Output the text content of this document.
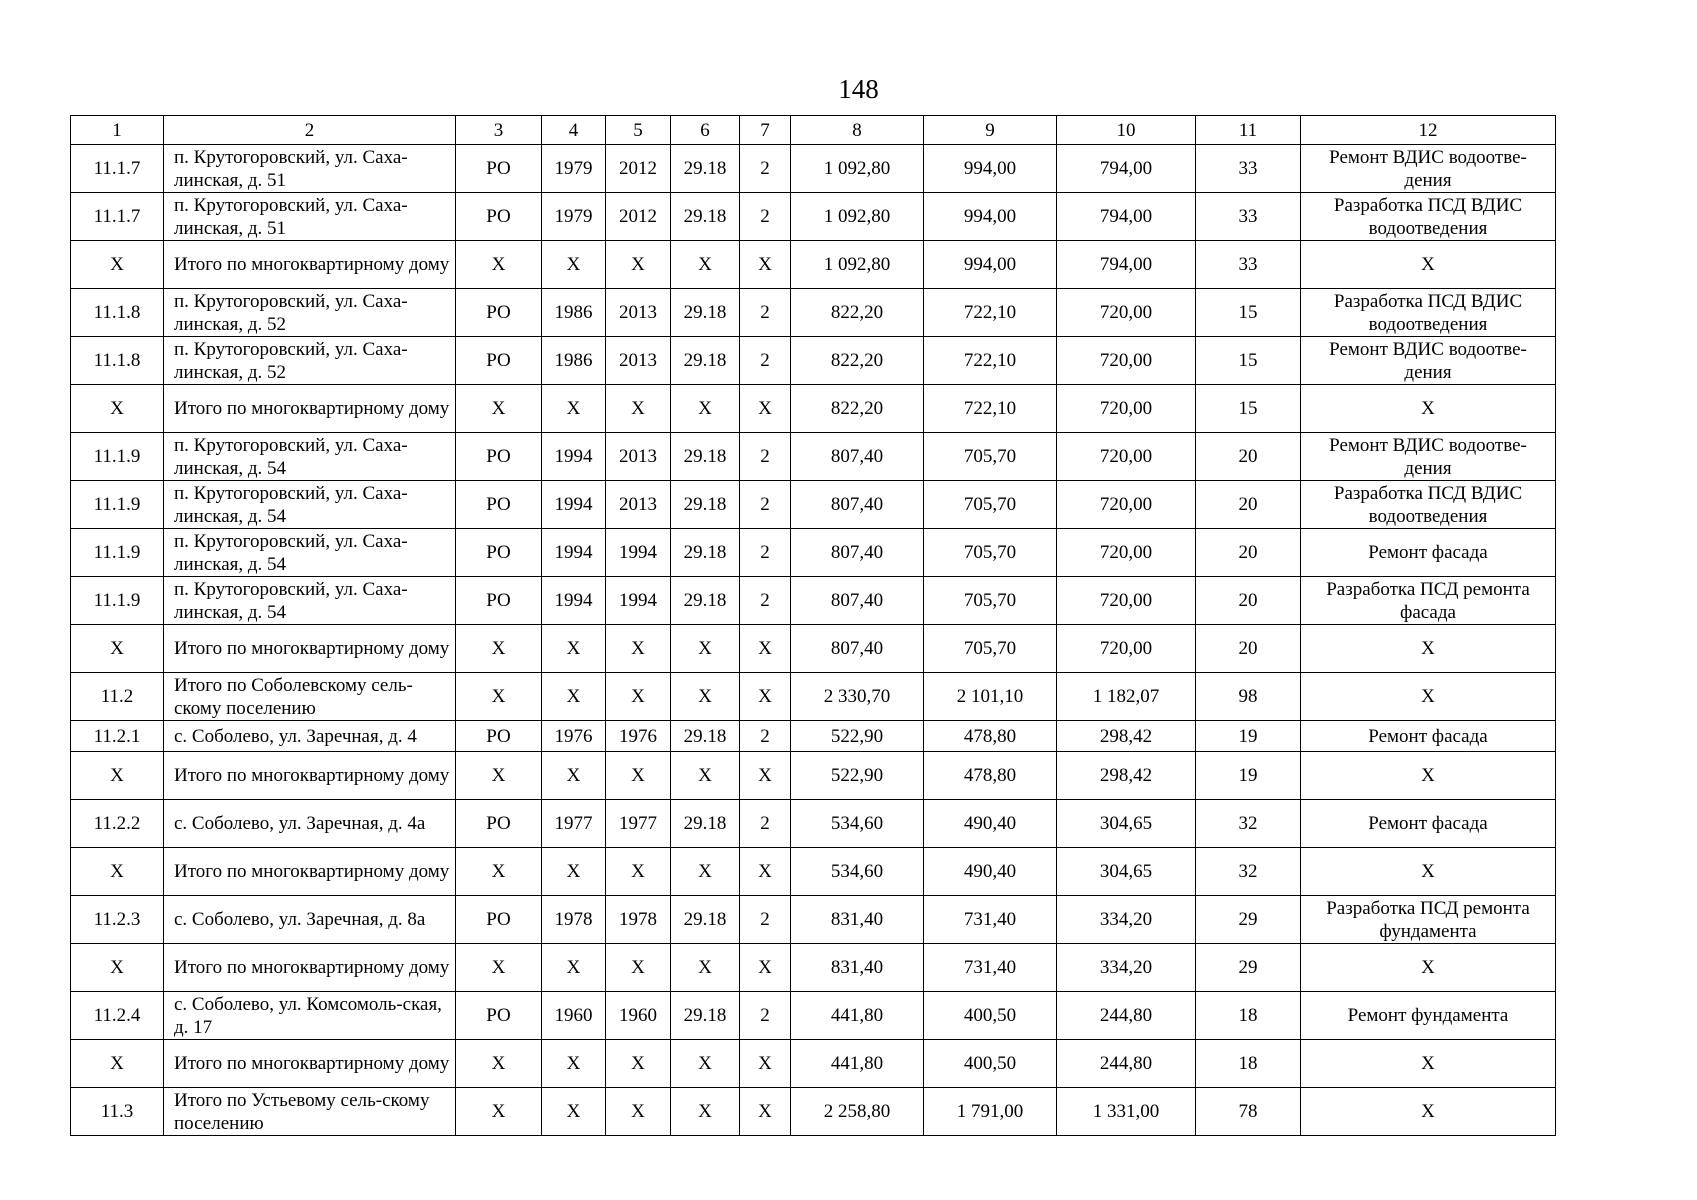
148
1	2	3	4	5	6	7	8	9	10	11	12
11.1.7	п. Крутогоровский, ул. Саха-линская, д. 51	РО	1979	2012	29.18	2	1 092,80	994,00	794,00	33	Ремонт ВДИС водоотве-дения
11.1.7	п. Крутогоровский, ул. Саха-линская, д. 51	РО	1979	2012	29.18	2	1 092,80	994,00	794,00	33	Разработка ПСД ВДИС водоотведения
Х	Итого по многоквартирному дому	Х	Х	Х	Х	Х	1 092,80	994,00	794,00	33	Х
11.1.8	п. Крутогоровский, ул. Саха-линская, д. 52	РО	1986	2013	29.18	2	822,20	722,10	720,00	15	Разработка ПСД ВДИС водоотведения
11.1.8	п. Крутогоровский, ул. Саха-линская, д. 52	РО	1986	2013	29.18	2	822,20	722,10	720,00	15	Ремонт ВДИС водоотве-дения
Х	Итого по многоквартирному дому	Х	Х	Х	Х	Х	822,20	722,10	720,00	15	Х
11.1.9	п. Крутогоровский, ул. Саха-линская, д. 54	РО	1994	2013	29.18	2	807,40	705,70	720,00	20	Ремонт ВДИС водоотве-дения
11.1.9	п. Крутогоровский, ул. Саха-линская, д. 54	РО	1994	2013	29.18	2	807,40	705,70	720,00	20	Разработка ПСД ВДИС водоотведения
11.1.9	п. Крутогоровский, ул. Саха-линская, д. 54	РО	1994	1994	29.18	2	807,40	705,70	720,00	20	Ремонт фасада
11.1.9	п. Крутогоровский, ул. Саха-линская, д. 54	РО	1994	1994	29.18	2	807,40	705,70	720,00	20	Разработка ПСД ремонта фасада
Х	Итого по многоквартирному дому	Х	Х	Х	Х	Х	807,40	705,70	720,00	20	Х
11.2	Итого по Соболевскому сель-скому поселению	Х	Х	Х	Х	Х	2 330,70	2 101,10	1 182,07	98	Х
11.2.1	с. Соболево, ул. Заречная, д. 4	РО	1976	1976	29.18	2	522,90	478,80	298,42	19	Ремонт фасада
Х	Итого по многоквартирному дому	Х	Х	Х	Х	Х	522,90	478,80	298,42	19	Х
11.2.2	с. Соболево, ул. Заречная, д. 4а	РО	1977	1977	29.18	2	534,60	490,40	304,65	32	Ремонт фасада
Х	Итого по многоквартирному дому	Х	Х	Х	Х	Х	534,60	490,40	304,65	32	Х
11.2.3	с. Соболево, ул. Заречная, д. 8а	РО	1978	1978	29.18	2	831,40	731,40	334,20	29	Разработка ПСД ремонта фундамента
Х	Итого по многоквартирному дому	Х	Х	Х	Х	Х	831,40	731,40	334,20	29	Х
11.2.4	с. Соболево, ул. Комсомоль-ская, д. 17	РО	1960	1960	29.18	2	441,80	400,50	244,80	18	Ремонт фундамента
Х	Итого по многоквартирному дому	Х	Х	Х	Х	Х	441,80	400,50	244,80	18	Х
11.3	Итого по Устьевому сель-скому поселению	Х	Х	Х	Х	Х	2 258,80	1 791,00	1 331,00	78	Х
